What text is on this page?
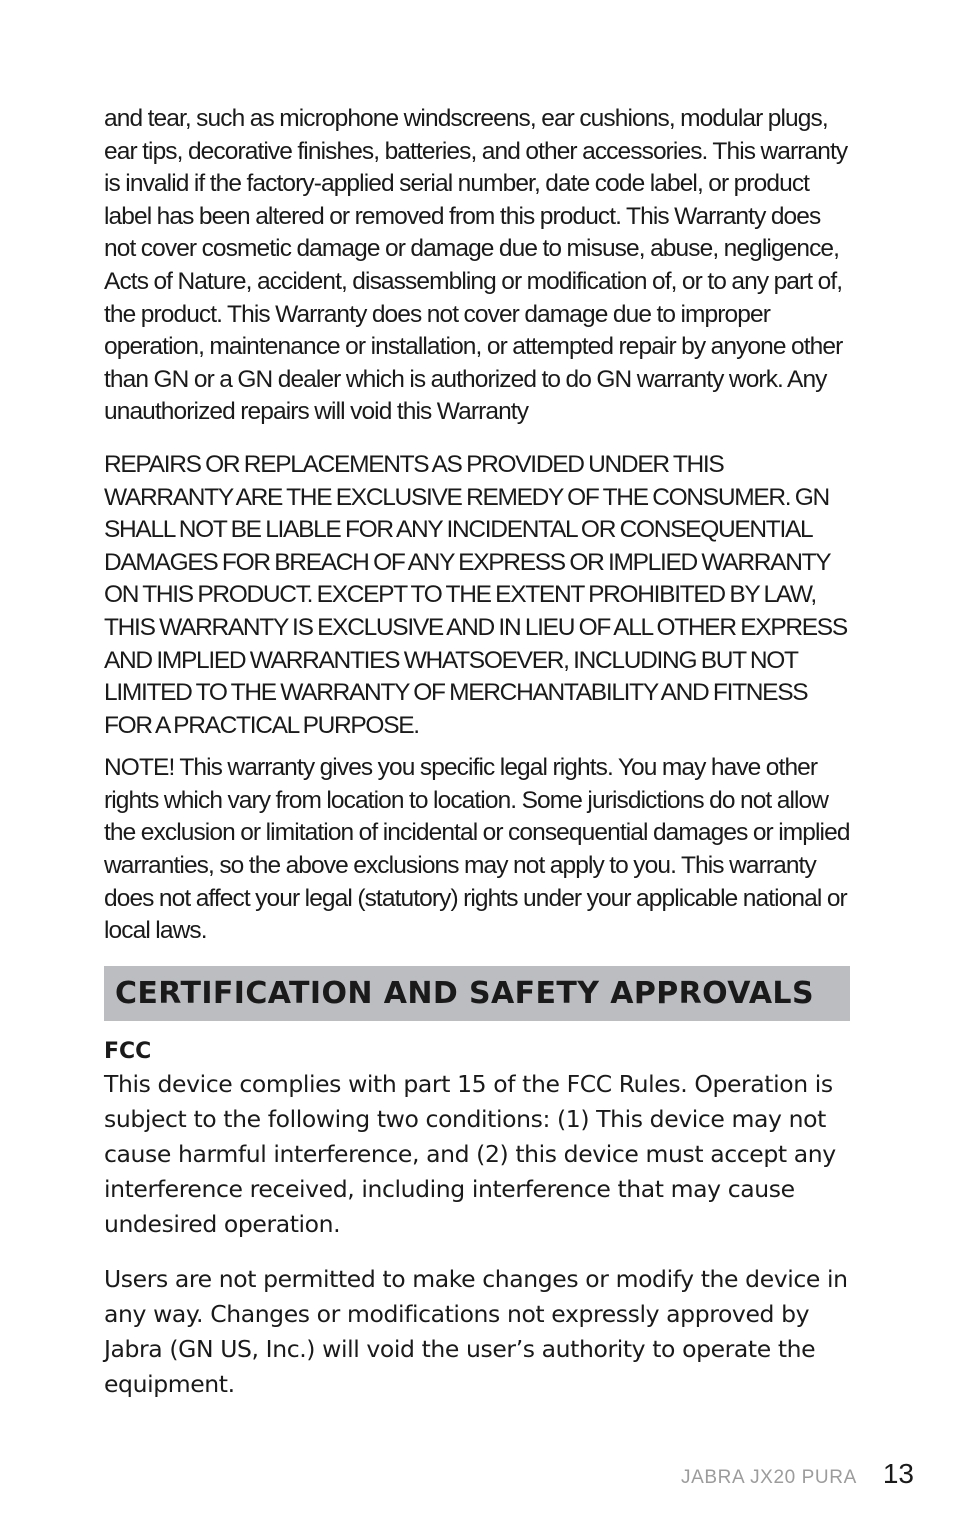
and tear, such as microphone windscreens, ear cushions, modular plugs, ear tips, decorative finishes, batteries, and other accessories. This warranty is invalid if the factory-applied serial number, date code label, or product label has been altered or removed from this product. This Warranty does not cover cosmetic damage or damage due to misuse, abuse, negligence, Acts of Nature, accident, disassembling or modification of, or to any part of, the product. This Warranty does not cover damage due to improper operation, maintenance or installation, or attempted repair by anyone other than GN or a GN dealer which is authorized to do GN warranty work. Any unauthorized repairs will void this Warranty

REPAIRS OR REPLACEMENTS AS PROVIDED UNDER THIS WARRANTY ARE THE EXCLUSIVE REMEDY OF THE CONSUMER. GN SHALL NOT BE LIABLE FOR ANY INCIDENTAL OR CONSEQUENTIAL DAMAGES FOR BREACH OF ANY EXPRESS OR IMPLIED WARRANTY ON THIS PRODUCT. EXCEPT TO THE EXTENT PROHIBITED BY LAW, THIS WARRANTY IS EXCLUSIVE AND IN LIEU OF ALL OTHER EXPRESS AND IMPLIED WARRANTIES WHATSOEVER, INCLUDING BUT NOT LIMITED TO THE WARRANTY OF MERCHANTABILITY AND FITNESS FOR A PRACTICAL PURPOSE.

NOTE! This warranty gives you specific legal rights. You may have other rights which vary from location to location. Some jurisdictions do not allow the exclusion or limitation of incidental or consequential damages or implied warranties, so the above exclusions may not apply to you. This warranty does not affect your legal (statutory) rights under your applicable national or local laws.

CERTIFICATION AND SAFETY APPROVALS
FCC

This device complies with part 15 of the FCC Rules. Operation is subject to the following two conditions: (1) This device may not cause harmful interference, and (2) this device must accept any interference received, including interference that may cause undesired operation.

Users are not permitted to make changes or modify the device in any way. Changes or modifications not expressly approved by Jabra (GN US, Inc.) will void the user’s authority to operate the equipment.

JABRA JX20 PURA 13
